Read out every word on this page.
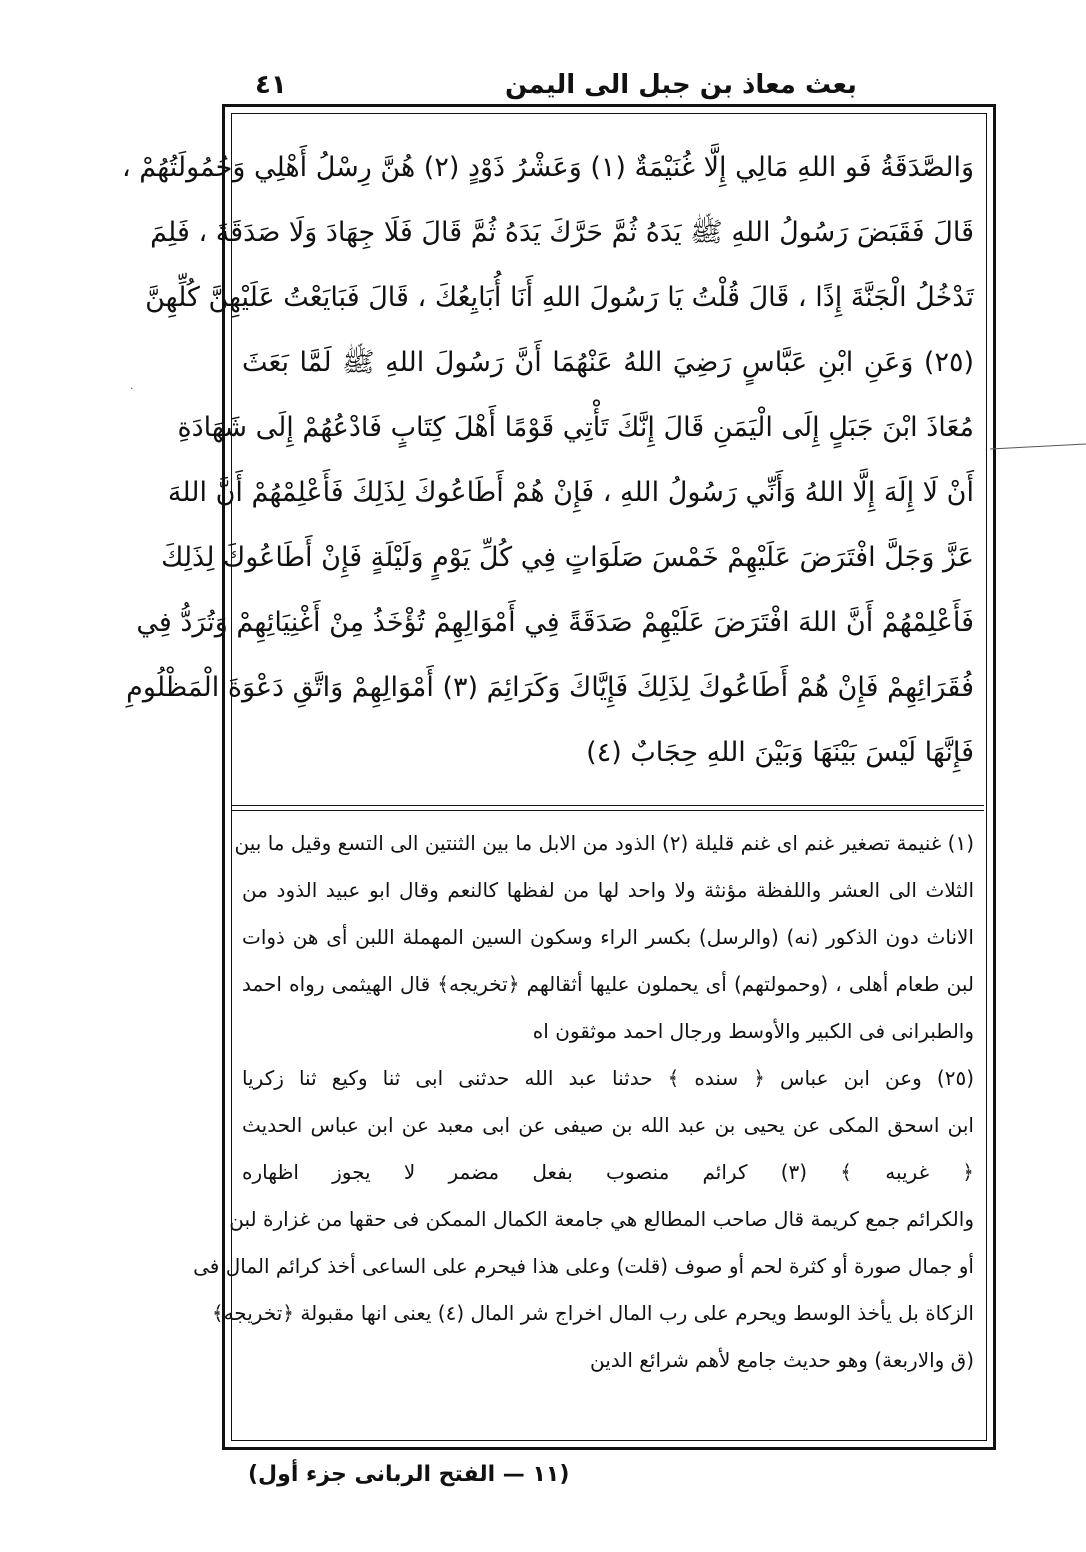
٤١	بعث معاذ بن جبل الى اليمن
وَالصَّدَقَةُ فَو اللهِ مَالِي إِلَّا غُنَيْمَةٌ (١) وَعَشْرُ ذَوْدٍ (٢) هُنَّ رِسْلُ أَهْلِي وَحُمُولَتُهُمْ ،
قَالَ فَقَبَضَ رَسُولُ اللهِ ﷺ يَدَهُ ثُمَّ حَرَّكَ يَدَهُ ثُمَّ قَالَ فَلَا جِهَادَ وَلَا صَدَقَةَ ، فَلِمَ
تَدْخُلُ الْجَنَّةَ إِذًا ، قَالَ قُلْتُ يَا رَسُولَ اللهِ أَنَا أُبَايِعُكَ ، قَالَ فَبَايَعْتُ عَلَيْهِنَّ كُلِّهِنَّ
(٢٥) وَعَنِ ابْنِ عَبَّاسٍ رَضِيَ اللهُ عَنْهُمَا أَنَّ رَسُولَ اللهِ ﷺ لَمَّا بَعَثَ
مُعَاذَ ابْنَ جَبَلٍ إِلَى الْيَمَنِ قَالَ إِنَّكَ تَأْتِي قَوْمًا أَهْلَ كِتَابٍ فَادْعُهُمْ إِلَى شَهَادَةِ
أَنْ لَا إِلَهَ إِلَّا اللهُ وَأَنِّي رَسُولُ اللهِ ، فَإِنْ هُمْ أَطَاعُوكَ لِذَلِكَ فَأَعْلِمْهُمْ أَنَّ اللهَ
عَزَّ وَجَلَّ افْتَرَضَ عَلَيْهِمْ خَمْسَ صَلَوَاتٍ فِي كُلِّ يَوْمٍ وَلَيْلَةٍ فَإِنْ أَطَاعُوكَ لِذَلِكَ
فَأَعْلِمْهُمْ أَنَّ اللهَ افْتَرَضَ عَلَيْهِمْ صَدَقَةً فِي أَمْوَالِهِمْ تُؤْخَذُ مِنْ أَغْنِيَائِهِمْ وَتُرَدُّ فِي
فُقَرَائِهِمْ فَإِنْ هُمْ أَطَاعُوكَ لِذَلِكَ فَإِيَّاكَ وَكَرَائِمَ (٣) أَمْوَالِهِمْ وَاتَّقِ دَعْوَةَ الْمَظْلُومِ
فَإِنَّهَا لَيْسَ بَيْنَهَا وَبَيْنَ اللهِ حِجَابٌ (٤)
(١) غنيمة تصغير غنم اى غنم قليلة (٢) الذود من الابل ما بين الثنتين الى التسع وقيل ما بين
الثلاث الى العشر واللفظة مؤنثة ولا واحد لها من لفظها كالنعم وقال ابو عبيد الذود من
الاناث دون الذكور (نه) (والرسل) بكسر الراء وسكون السين المهملة اللبن أى هن ذوات
لبن طعام أهلى ، (وحمولتهم) أى يحملون عليها أثقالهم ﴿تخريجه﴾ قال الهيثمى رواه احمد
والطبرانى فى الكبير والأوسط ورجال احمد موثقون اه
(٢٥) وعن ابن عباس ﴿ سنده ﴾ حدثنا عبد الله حدثنى ابى ثنا وكيع ثنا زكريا
ابن اسحق المكى عن يحيى بن عبد الله بن صيفى عن ابى معبد عن ابن عباس الحديث
﴿ غريبه ﴾ (٣) كرائم منصوب بفعل مضمر لا يجوز اظهاره
والكرائم جمع كريمة قال صاحب المطالع هي جامعة الكمال الممكن فى حقها من غزارة لبن
أو جمال صورة أو كثرة لحم أو صوف (قلت) وعلى هذا فيحرم على الساعى أخذ كرائم المال فى
الزكاة بل يأخذ الوسط ويحرم على رب المال اخراج شر المال (٤) يعنى انها مقبولة ﴿تخريجه﴾
(ق والاربعة) وهو حديث جامع لأهم شرائع الدين
·
(١١ — الفتح الربانى جزء أول)
